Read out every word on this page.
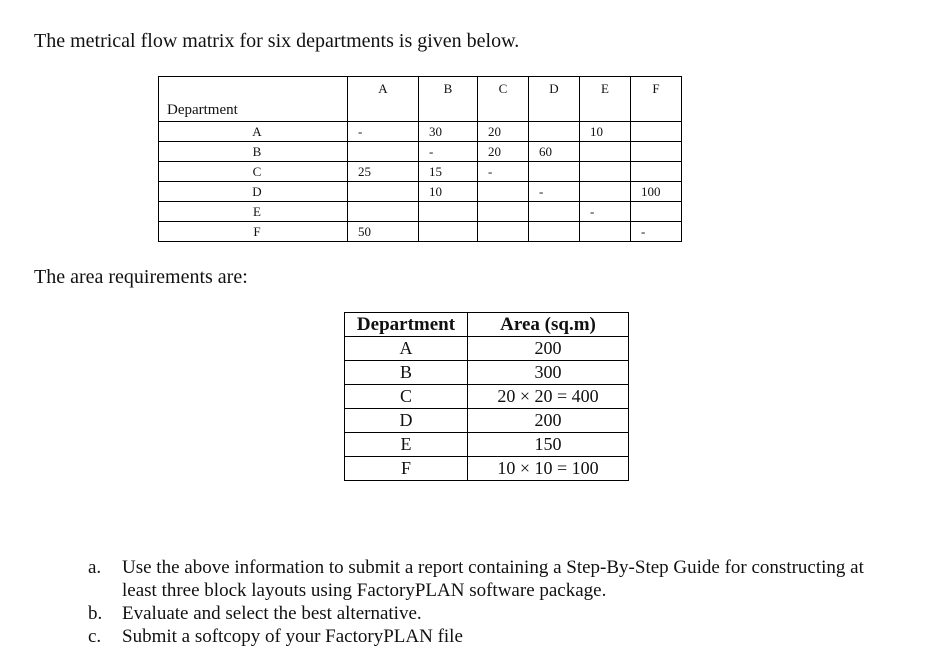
The metrical flow matrix for six departments is given below.

Department	A	B	C	D	E	F
A	-	30	20		10	
B		-	20	60		
C	25	15	-			
D		10		-		100
E					-	
F	50					-

The area requirements are:

Department	Area (sq.m)
A	200
B	300
C	20 × 20 = 400
D	200
E	150
F	10 × 10 = 100
a.	Use the above information to submit a report containing a Step-By-Step Guide for constructing at least three block layouts using FactoryPLAN software package.
b.	Evaluate and select the best alternative.
c.	Submit a softcopy of your FactoryPLAN file
